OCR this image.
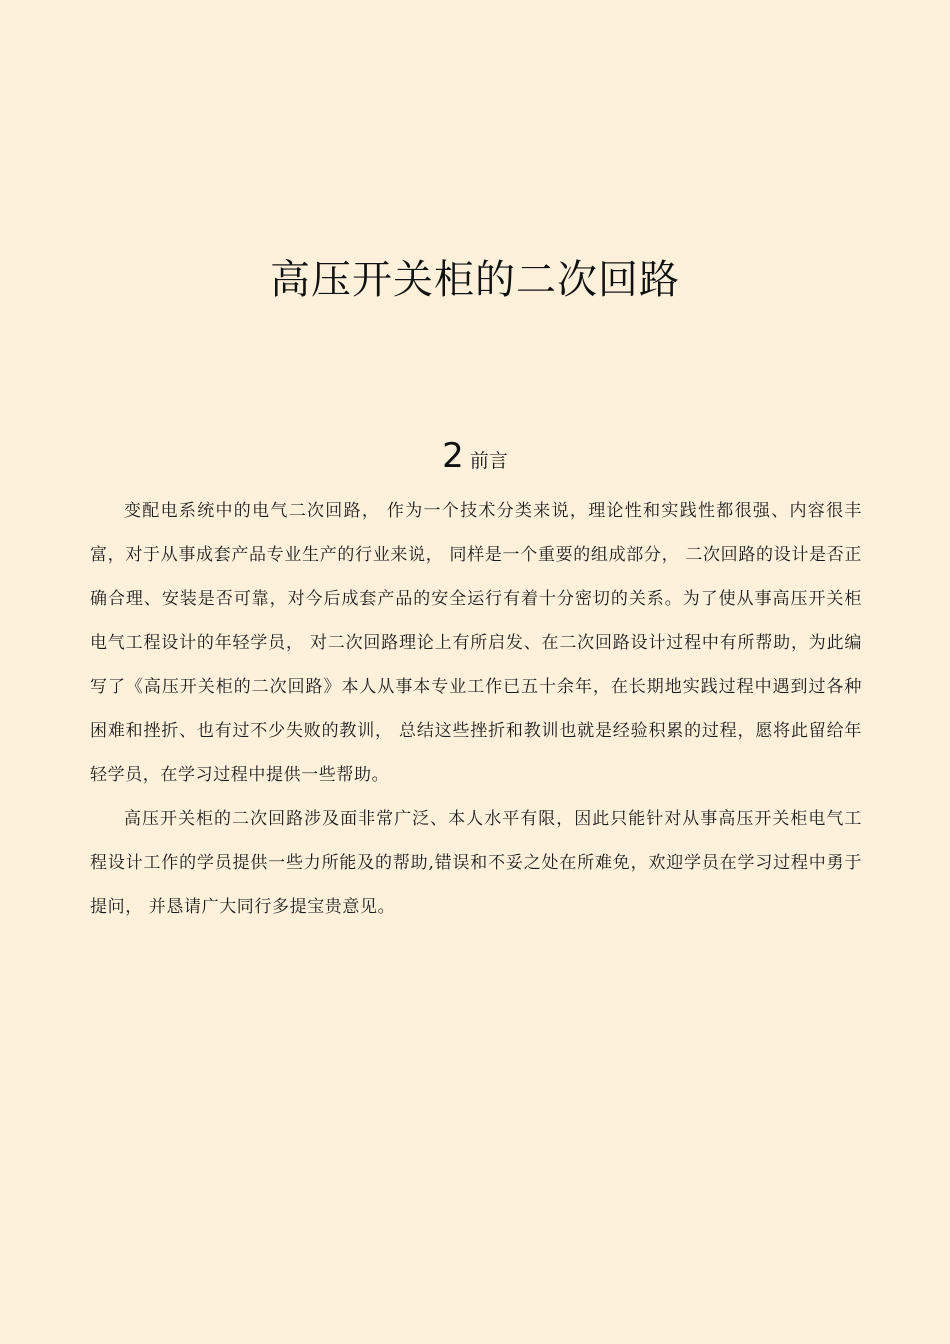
高压开关柜的二次回路
2 前言

变配电系统中的电气二次回路， 作为一个技术分类来说，理论性和实践性都很强、内容很丰富，对于从事成套产品专业生产的行业来说， 同样是一个重要的组成部分， 二次回路的设计是否正确合理、安装是否可靠，对今后成套产品的安全运行有着十分密切的关系。为了使从事高压开关柜电气工程设计的年轻学员， 对二次回路理论上有所启发、在二次回路设计过程中有所帮助，为此编写了《高压开关柜的二次回路》本人从事本专业工作已五十余年，在长期地实践过程中遇到过各种困难和挫折、也有过不少失败的教训， 总结这些挫折和教训也就是经验积累的过程，愿将此留给年轻学员，在学习过程中提供一些帮助。

高压开关柜的二次回路涉及面非常广泛、本人水平有限，因此只能针对从事高压开关柜电气工程设计工作的学员提供一些力所能及的帮助,错误和不妥之处在所难免，欢迎学员在学习过程中勇于提问， 并恳请广大同行多提宝贵意见。
